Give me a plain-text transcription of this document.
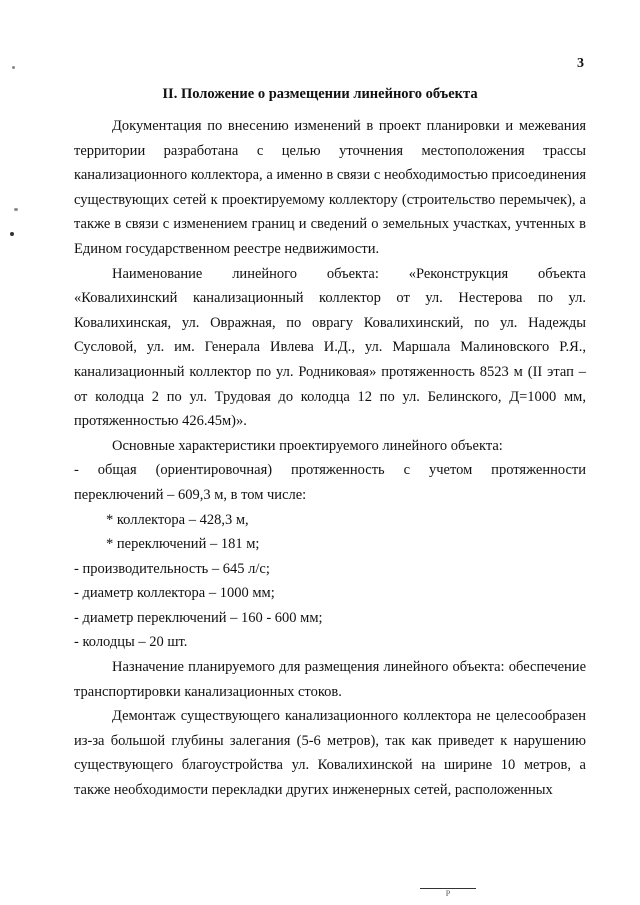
3
II. Положение о размещении линейного объекта

Документация по внесению изменений в проект планировки и межевания территории разработана с целью уточнения местоположения трассы канализационного коллектора, а именно в связи с необходимостью присоединения существующих сетей к проектируемому коллектору (строительство перемычек), а также в связи с изменением границ и сведений о земельных участках, учтенных в Едином государственном реестре недвижимости.

Наименование линейного объекта: «Реконструкция объекта «Ковалихинский канализационный коллектор от ул. Нестерова по ул. Ковалихинская, ул. Овражная, по оврагу Ковалихинский, по ул. Надежды Сусловой, ул. им. Генерала Ивлева И.Д., ул. Маршала Малиновского Р.Я., канализационный коллектор по ул. Родниковая» протяженность 8523 м (II этап – от колодца 2 по ул. Трудовая до колодца 12 по ул. Белинского, Д=1000 мм, протяженностью 426.45м)».

Основные характеристики проектируемого линейного объекта:

- общая (ориентировочная) протяженность с учетом протяженности переключений – 609,3 м, в том числе:

* коллектора – 428,3 м,

* переключений – 181 м;

- производительность – 645 л/с;

- диаметр коллектора – 1000 мм;

- диаметр переключений – 160 - 600 мм;

- колодцы – 20 шт.

Назначение планируемого для размещения линейного объекта: обеспечение транспортировки канализационных стоков.

Демонтаж существующего канализационного коллектора не целесообразен из-за большой глубины залегания (5-6 метров), так как приведет к нарушению существующего благоустройства ул. Ковалихинской на ширине 10 метров, а также необходимости перекладки других инженерных сетей, расположенных

Р
